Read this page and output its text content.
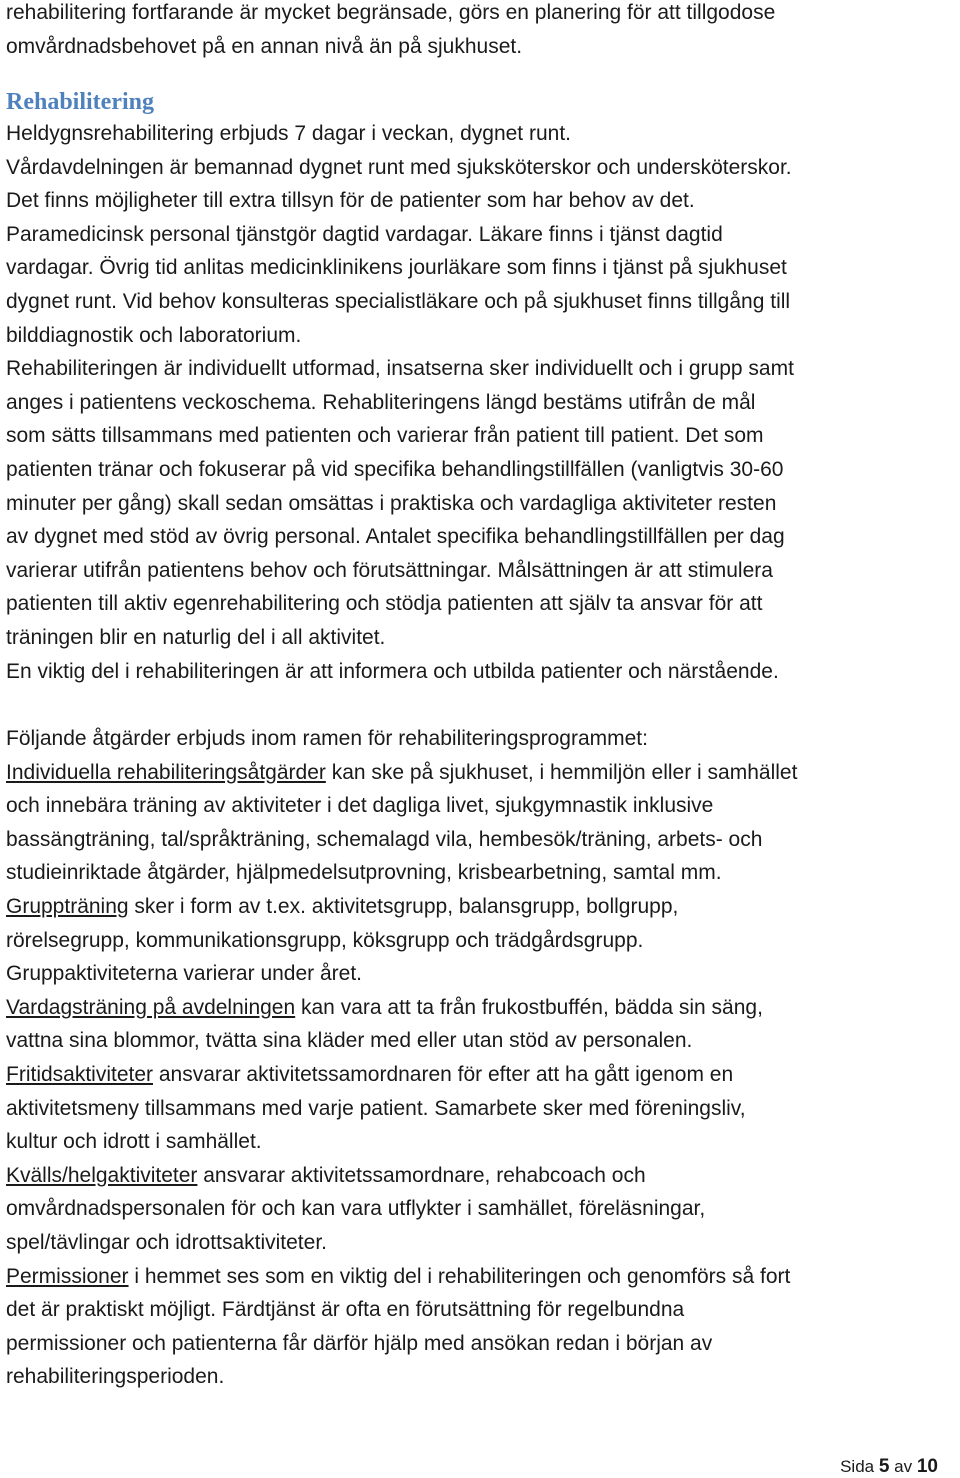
rehabilitering fortfarande är mycket begränsade, görs en planering för att tillgodose
omvårdnadsbehovet på en annan nivå än på sjukhuset.
Rehabilitering
Heldygnsrehabilitering erbjuds 7 dagar i veckan, dygnet runt.
Vårdavdelningen är bemannad dygnet runt med sjuksköterskor och undersköterskor.
Det finns möjligheter till extra tillsyn för de patienter som har behov av det.
Paramedicinsk personal tjänstgör dagtid vardagar. Läkare finns i tjänst dagtid
vardagar. Övrig tid anlitas medicinklinikens jourläkare som finns i tjänst på sjukhuset
dygnet runt. Vid behov konsulteras specialistläkare och på sjukhuset finns tillgång till
bilddiagnostik och laboratorium.
Rehabiliteringen är individuellt utformad, insatserna sker individuellt och i grupp samt
anges i patientens veckoschema. Rehabliteringens längd bestäms utifrån de mål
som sätts tillsammans med patienten och varierar från patient till patient. Det som
patienten tränar och fokuserar på vid specifika behandlingstillfällen (vanligtvis 30-60
minuter per gång) skall sedan omsättas i praktiska och vardagliga aktiviteter resten
av dygnet med stöd av övrig personal. Antalet specifika behandlingstillfällen per dag
varierar utifrån patientens behov och förutsättningar. Målsättningen är att stimulera
patienten till aktiv egenrehabilitering och stödja patienten att själv ta ansvar för att
träningen blir en naturlig del i all aktivitet.
En viktig del i rehabiliteringen är att informera och utbilda patienter och närstående.
Följande åtgärder erbjuds inom ramen för rehabiliteringsprogrammet:
Individuella rehabiliteringsåtgärder kan ske på sjukhuset, i hemmiljön eller i samhället
och innebära träning av aktiviteter i det dagliga livet, sjukgymnastik inklusive
bassängträning, tal/språkträning, schemalagd vila, hembesök/träning, arbets- och
studieinriktade åtgärder, hjälpmedelsutprovning, krisbearbetning, samtal mm.
Gruppträning sker i form av t.ex. aktivitetsgrupp, balansgrupp, bollgrupp,
rörelsegrupp, kommunikationsgrupp, köksgrupp och trädgårdsgrupp.
Gruppaktiviteterna varierar under året.
Vardagsträning på avdelningen kan vara att ta från frukostbuffén, bädda sin säng,
vattna sina blommor, tvätta sina kläder med eller utan stöd av personalen.
Fritidsaktiviteter ansvarar aktivitetssamordnaren för efter att ha gått igenom en
aktivitetsmeny tillsammans med varje patient. Samarbete sker med föreningsliv,
kultur och idrott i samhället.
Kvälls/helgaktiviteter ansvarar aktivitetssamordnare, rehabcoach och
omvårdnadspersonalen för och kan vara utflykter i samhället, föreläsningar,
spel/tävlingar och idrottsaktiviteter.
Permissioner i hemmet ses som en viktig del i rehabiliteringen och genomförs så fort
det är praktiskt möjligt. Färdtjänst är ofta en förutsättning för regelbundna
permissioner och patienterna får därför hjälp med ansökan redan i början av
rehabiliteringsperioden.
Sida 5 av 10
